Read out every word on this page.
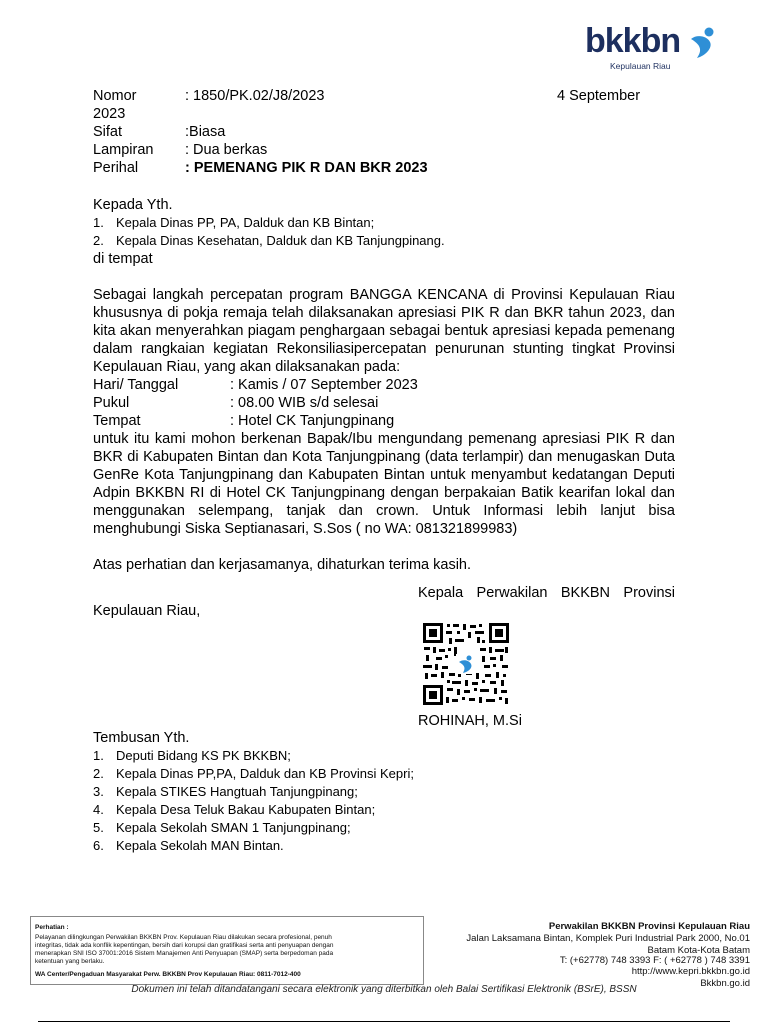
bkkbn
Kepulauan Riau
Nomor	: 1850/PK.02/J8/2023	4 September
2023
Sifat	:Biasa
Lampiran	: Dua berkas
Perihal	: PEMENANG PIK R DAN BKR 2023
Kepada Yth.
1. Kepala Dinas PP, PA, Dalduk dan KB Bintan;
2. Kepala Dinas Kesehatan, Dalduk dan KB Tanjungpinang.
di tempat
Sebagai langkah percepatan program BANGGA KENCANA di Provinsi Kepulauan Riau khususnya di pokja remaja telah dilaksanakan apresiasi PIK R dan BKR tahun 2023, dan kita akan menyerahkan piagam penghargaan sebagai bentuk apresiasi kepada pemenang dalam rangkaian kegiatan Rekonsiliasipercepatan penurunan stunting tingkat Provinsi Kepulauan Riau, yang akan dilaksanakan pada:
Hari/ Tanggal	: Kamis / 07 September 2023
Pukul	: 08.00 WIB s/d selesai
Tempat	: Hotel CK Tanjungpinang
untuk itu kami mohon berkenan Bapak/Ibu mengundang pemenang apresiasi PIK R dan BKR di Kabupaten Bintan dan Kota Tanjungpinang (data terlampir) dan menugaskan Duta GenRe Kota Tanjungpinang dan Kabupaten Bintan untuk menyambut kedatangan Deputi Adpin BKKBN RI di Hotel CK Tanjungpinang dengan berpakaian Batik kearifan lokal dan menggunakan selempang, tanjak dan crown. Untuk Informasi lebih lanjut bisa menghubungi Siska Septianasari, S.Sos ( no WA: 081321899983)
Atas perhatian dan kerjasamanya, dihaturkan terima kasih.
Kepala Perwakilan BKKBN Provinsi
Kepulauan Riau,
ROHINAH, M.Si
Tembusan Yth.
1. Deputi Bidang KS PK BKKBN;
2. Kepala Dinas PP,PA, Dalduk dan KB Provinsi Kepri;
3. Kepala STIKES Hangtuah Tanjungpinang;
4. Kepala Desa Teluk Bakau Kabupaten Bintan;
5. Kepala Sekolah SMAN 1 Tanjungpinang;
6. Kepala Sekolah MAN Bintan.
Perhatian :
Pelayanan dilingkungan Perwakilan BKKBN Prov. Kepulauan Riau dilakukan secara profesional, penuh
integritas, tidak ada konflik kepentingan, bersih dari korupsi dan gratifikasi serta anti penyuapan dengan
menerapkan SNI ISO 37001:2016 Sistem Manajemen Anti Penyuapan (SMAP) serta berpedoman pada
ketentuan yang berlaku.
WA Center/Pengaduan Masyarakat Perw. BKKBN Prov Kepulauan Riau: 0811-7012-400
Perwakilan BKKBN Provinsi Kepulauan Riau
Jalan Laksamana Bintan, Komplek Puri Industrial Park 2000, No.01
Batam Kota-Kota Batam
T: (+62778) 748 3393 F: ( +62778 ) 748 3391
http://www.kepri.bkkbn.go.id
Bkkbn.go.id
Dokumen ini telah ditandatangani secara elektronik yang diterbitkan oleh Balai Sertifikasi Elektronik (BSrE), BSSN
